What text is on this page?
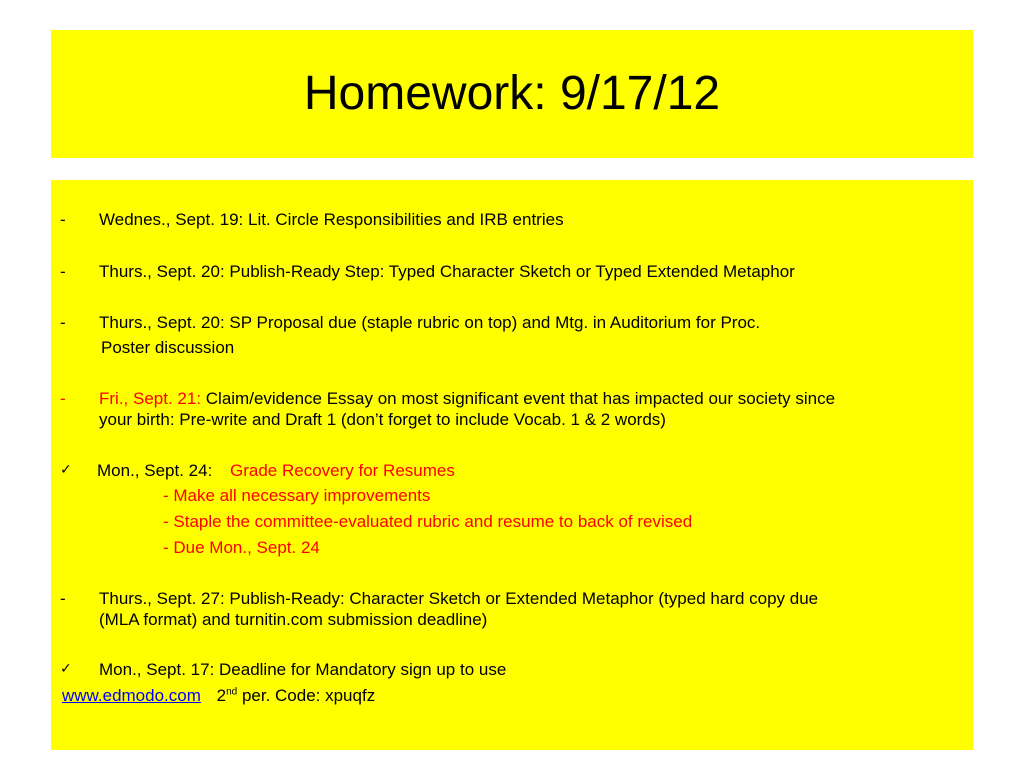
Homework: 9/17/12
-	Wednes., Sept. 19: Lit. Circle Responsibilities and IRB entries
-	Thurs., Sept. 20: Publish-Ready Step: Typed Character Sketch or Typed Extended Metaphor
-	Thurs., Sept. 20: SP Proposal due (staple rubric on top) and Mtg. in Auditorium for Proc.
Poster discussion
-	Fri., Sept. 21: Claim/evidence Essay on most significant event that has impacted our society since
your birth: Pre-write and Draft 1 (don’t forget to include Vocab. 1 & 2 words)
✓ Mon., Sept. 24: Grade Recovery for Resumes
- Make all necessary improvements
- Staple the committee-evaluated rubric and resume to back of revised
- Due Mon., Sept. 24
-	Thurs., Sept. 27: Publish-Ready: Character Sketch or Extended Metaphor (typed hard copy due
(MLA format) and turnitin.com submission deadline)
✓ Mon., Sept. 17: Deadline for Mandatory sign up to use
www.edmodo.com 2nd per. Code: xpuqfz
